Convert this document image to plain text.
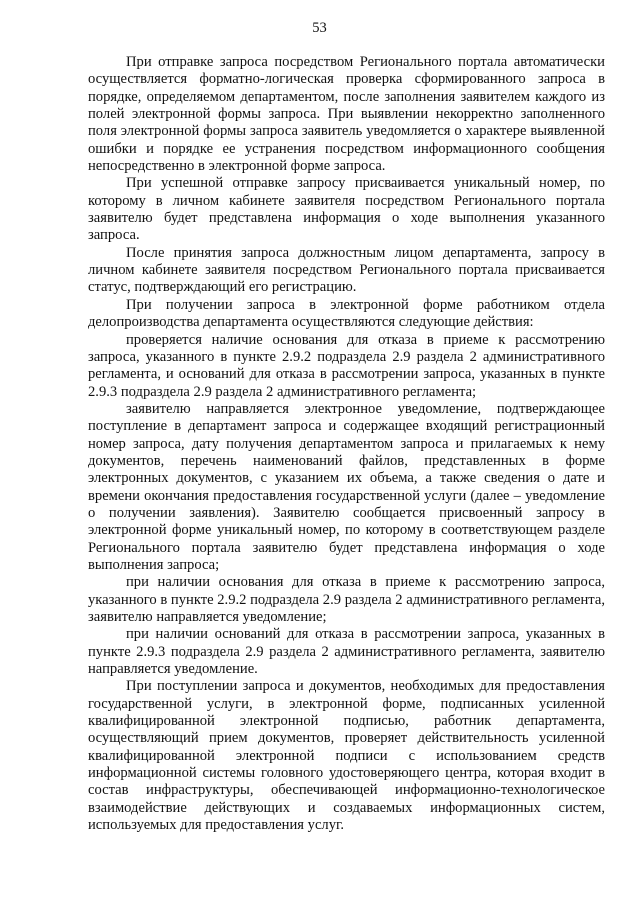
53

При отправке запроса посредством Регионального портала автоматически осуществляется форматно-логическая проверка сформированного запроса в порядке, определяемом департаментом, после заполнения заявителем каждого из полей электронной формы запроса. При выявлении некорректно заполненного поля электронной формы запроса заявитель уведомляется о характере выявленной ошибки и порядке ее устранения посредством информационного сообщения непосредственно в электронной форме запроса.

При успешной отправке запросу присваивается уникальный номер, по которому в личном кабинете заявителя посредством Регионального портала заявителю будет представлена информация о ходе выполнения указанного запроса.

После принятия запроса должностным лицом департамента, запросу в личном кабинете заявителя посредством Регионального портала присваивается статус, подтверждающий его регистрацию.

При получении запроса в электронной форме работником отдела делопроизводства департамента осуществляются следующие действия:

проверяется наличие основания для отказа в приеме к рассмотрению запроса, указанного в пункте 2.9.2 подраздела 2.9 раздела 2 административного регламента, и оснований для отказа в рассмотрении запроса, указанных в пункте 2.9.3 подраздела 2.9 раздела 2 административного регламента;

заявителю направляется электронное уведомление, подтверждающее поступление в департамент запроса и содержащее входящий регистрационный номер запроса, дату получения департаментом запроса и прилагаемых к нему документов, перечень наименований файлов, представленных в форме электронных документов, с указанием их объема, а также сведения о дате и времени окончания предоставления государственной услуги (далее – уведомление о получении заявления). Заявителю сообщается присвоенный запросу в электронной форме уникальный номер, по которому в соответствующем разделе Регионального портала заявителю будет представлена информация о ходе выполнения запроса;

при наличии основания для отказа в приеме к рассмотрению запроса, указанного в пункте 2.9.2 подраздела 2.9 раздела 2 административного регламента, заявителю направляется уведомление;

при наличии оснований для отказа в рассмотрении запроса, указанных в пункте 2.9.3 подраздела 2.9 раздела 2 административного регламента, заявителю направляется уведомление.

При поступлении запроса и документов, необходимых для предоставления государственной услуги, в электронной форме, подписанных усиленной квалифицированной электронной подписью, работник департамента, осуществляющий прием документов, проверяет действительность усиленной квалифицированной электронной подписи с использованием средств информационной системы головного удостоверяющего центра, которая входит в состав инфраструктуры, обеспечивающей информационно-технологическое взаимодействие действующих и создаваемых информационных систем, используемых для предоставления услуг.
